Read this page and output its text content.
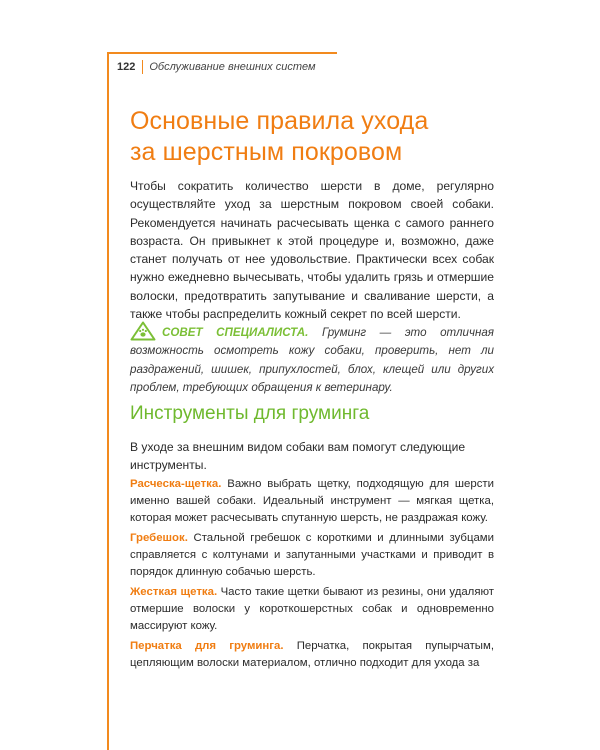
122	Обслуживание внешних систем
Основные правила ухода
за шерстным покровом

Чтобы сократить количество шерсти в доме, регулярно осуществляйте уход за шерстным покровом своей собаки. Рекомендуется начинать расчесывать щенка с самого раннего возраста. Он привыкнет к этой процедуре и, возможно, даже станет получать от нее удовольствие. Практически всех собак нужно ежедневно вычесывать, чтобы удалить грязь и отмершие волоски, предотвратить запутывание и сваливание шерсти, а также чтобы распределить кожный секрет по всей шерсти.

СОВЕТ СПЕЦИАЛИСТА. Груминг — это отличная возможность осмотреть кожу собаки, проверить, нет ли раздражений, шишек, припухлостей, блох, клещей или других проблем, требующих обращения к ветеринару.

Инструменты для груминга

В уходе за внешним видом собаки вам помогут следующие инструменты.

Расческа-щетка. Важно выбрать щетку, подходящую для шерсти именно вашей собаки. Идеальный инструмент — мягкая щетка, которая может расчесывать спутанную шерсть, не раздражая кожу.

Гребешок. Стальной гребешок с короткими и длинными зубцами справляется с колтунами и запутанными участками и приводит в порядок длинную собачью шерсть.

Жесткая щетка. Часто такие щетки бывают из резины, они удаляют отмершие волоски у короткошерстных собак и одновременно массируют кожу.

Перчатка для груминга. Перчатка, покрытая пупырчатым, цепляющим волоски материалом, отлично подходит для ухода за
